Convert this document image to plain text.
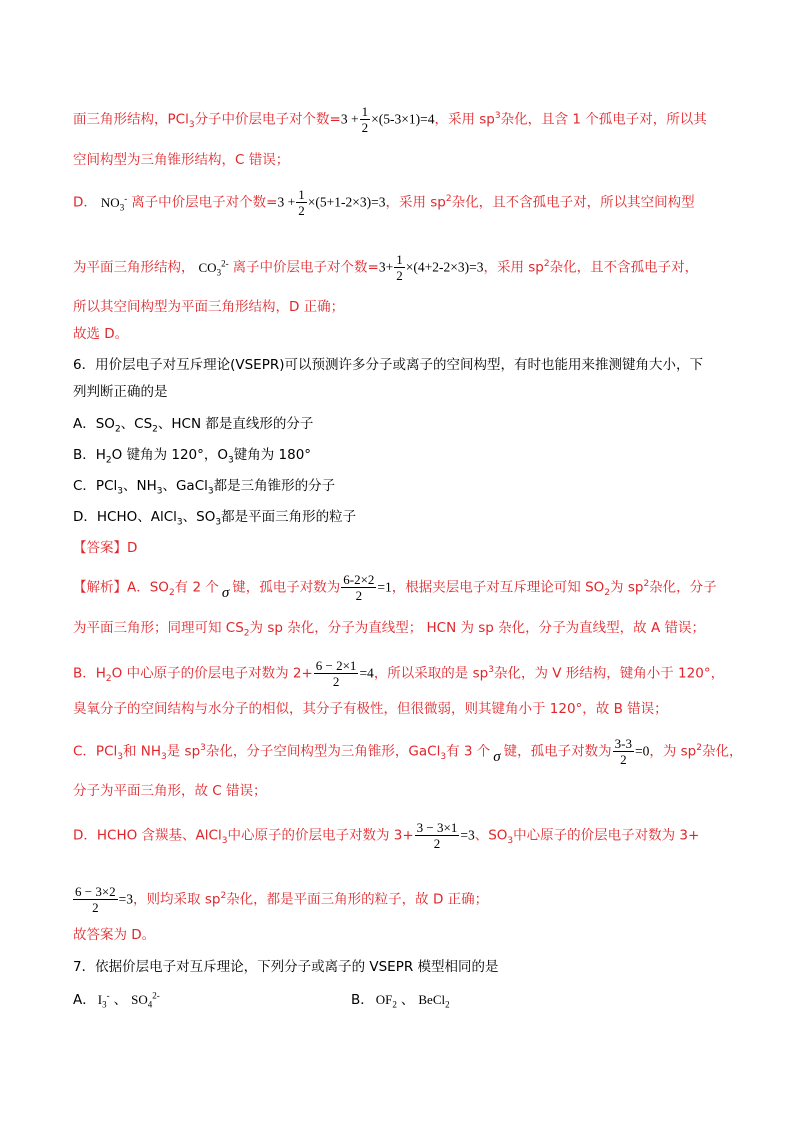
面三角形结构，PCl$_3$分子中价层电子对个数$=3 + \frac{1}{2} \times(5-3\times 1)=4$，采用 $sp^3$杂化，且含 1 个孤电子对，所以其
空间构型为三角锥形结构，C 错误；
D． $NO_3^-$ 离子中价层电子对个数$=3 + \frac{1}{2} \times(5+1-2\times 3)=3$，采用 $sp^2$杂化，且不含孤电子对，所以其空间构型
为平面三角形结构， $CO_3^{2-}$ 离子中价层电子对个数$=3+ \frac{1}{2} \times(4+2-2\times 3)=3$，采用 $sp^2$杂化，且不含孤电子对，
所以其空间构型为平面三角形结构，D 正确；
故选 D。
6．用价层电子对互斥理论(VSEPR)可以预测许多分子或离子的空间构型，有时也能用来推测键角大小，下
列判断正确的是
A．$SO_2$、$CS_2$、HCN 都是直线形的分子
B．$H_2O$ 键角为 120°，$O_3$键角为 180°
C．PCl$_3$、$NH_3$、GaCl$_3$都是三角锥形的分子
D．HCHO、AlCl$_3$、$SO_3$都是平面三角形的粒子
【答案】D
【解析】A．$SO_2$有 2 个 σ 键，孤电子对数为 $\frac{6-2\times 2}{2} =1$，根据夹层电子对互斥理论可知 $SO_2$为 $sp^2$杂化，分子
为平面三角形；同理可知 $CS_2$为 sp 杂化，分子为直线型； HCN 为 sp 杂化，分子为直线型，故 A 错误；
B．$H_2O$ 中心原子的价层电子对数为 $2+ \frac{6 - 2\times 1}{2} =4$，所以采取的是 $sp^3$杂化，为 V 形结构，键角小于 120°，
臭氧分子的空间结构与水分子的相似，其分子有极性，但很微弱，则其键角小于 120°，故 B 错误；
C．PCl$_3$和 $NH_3$是 $sp^3$杂化，分子空间构型为三角锥形，GaCl$_3$有 3 个 σ 键，孤电子对数为 $\frac{3-3}{2} =0$，为 $sp^2$杂化，
分子为平面三角形，故 C 错误；
D．HCHO 含羰基、AlCl$_3$中心原子的价层电子对数为 $3+ \frac{3 - 3\times 1}{2} =3$、$SO_3$中心原子的价层电子对数为 3+
$\frac{6 - 3\times 2}{2} =3$，则均采取 $sp^2$杂化，都是平面三角形的粒子，故 D 正确；
故答案为 D。
7．依据价层电子对互斥理论，下列分子或离子的 VSEPR 模型相同的是
A． $I_3^-$ 、 $SO_4^{2-}$	B． $OF_2$ 、 BeCl$_2$
